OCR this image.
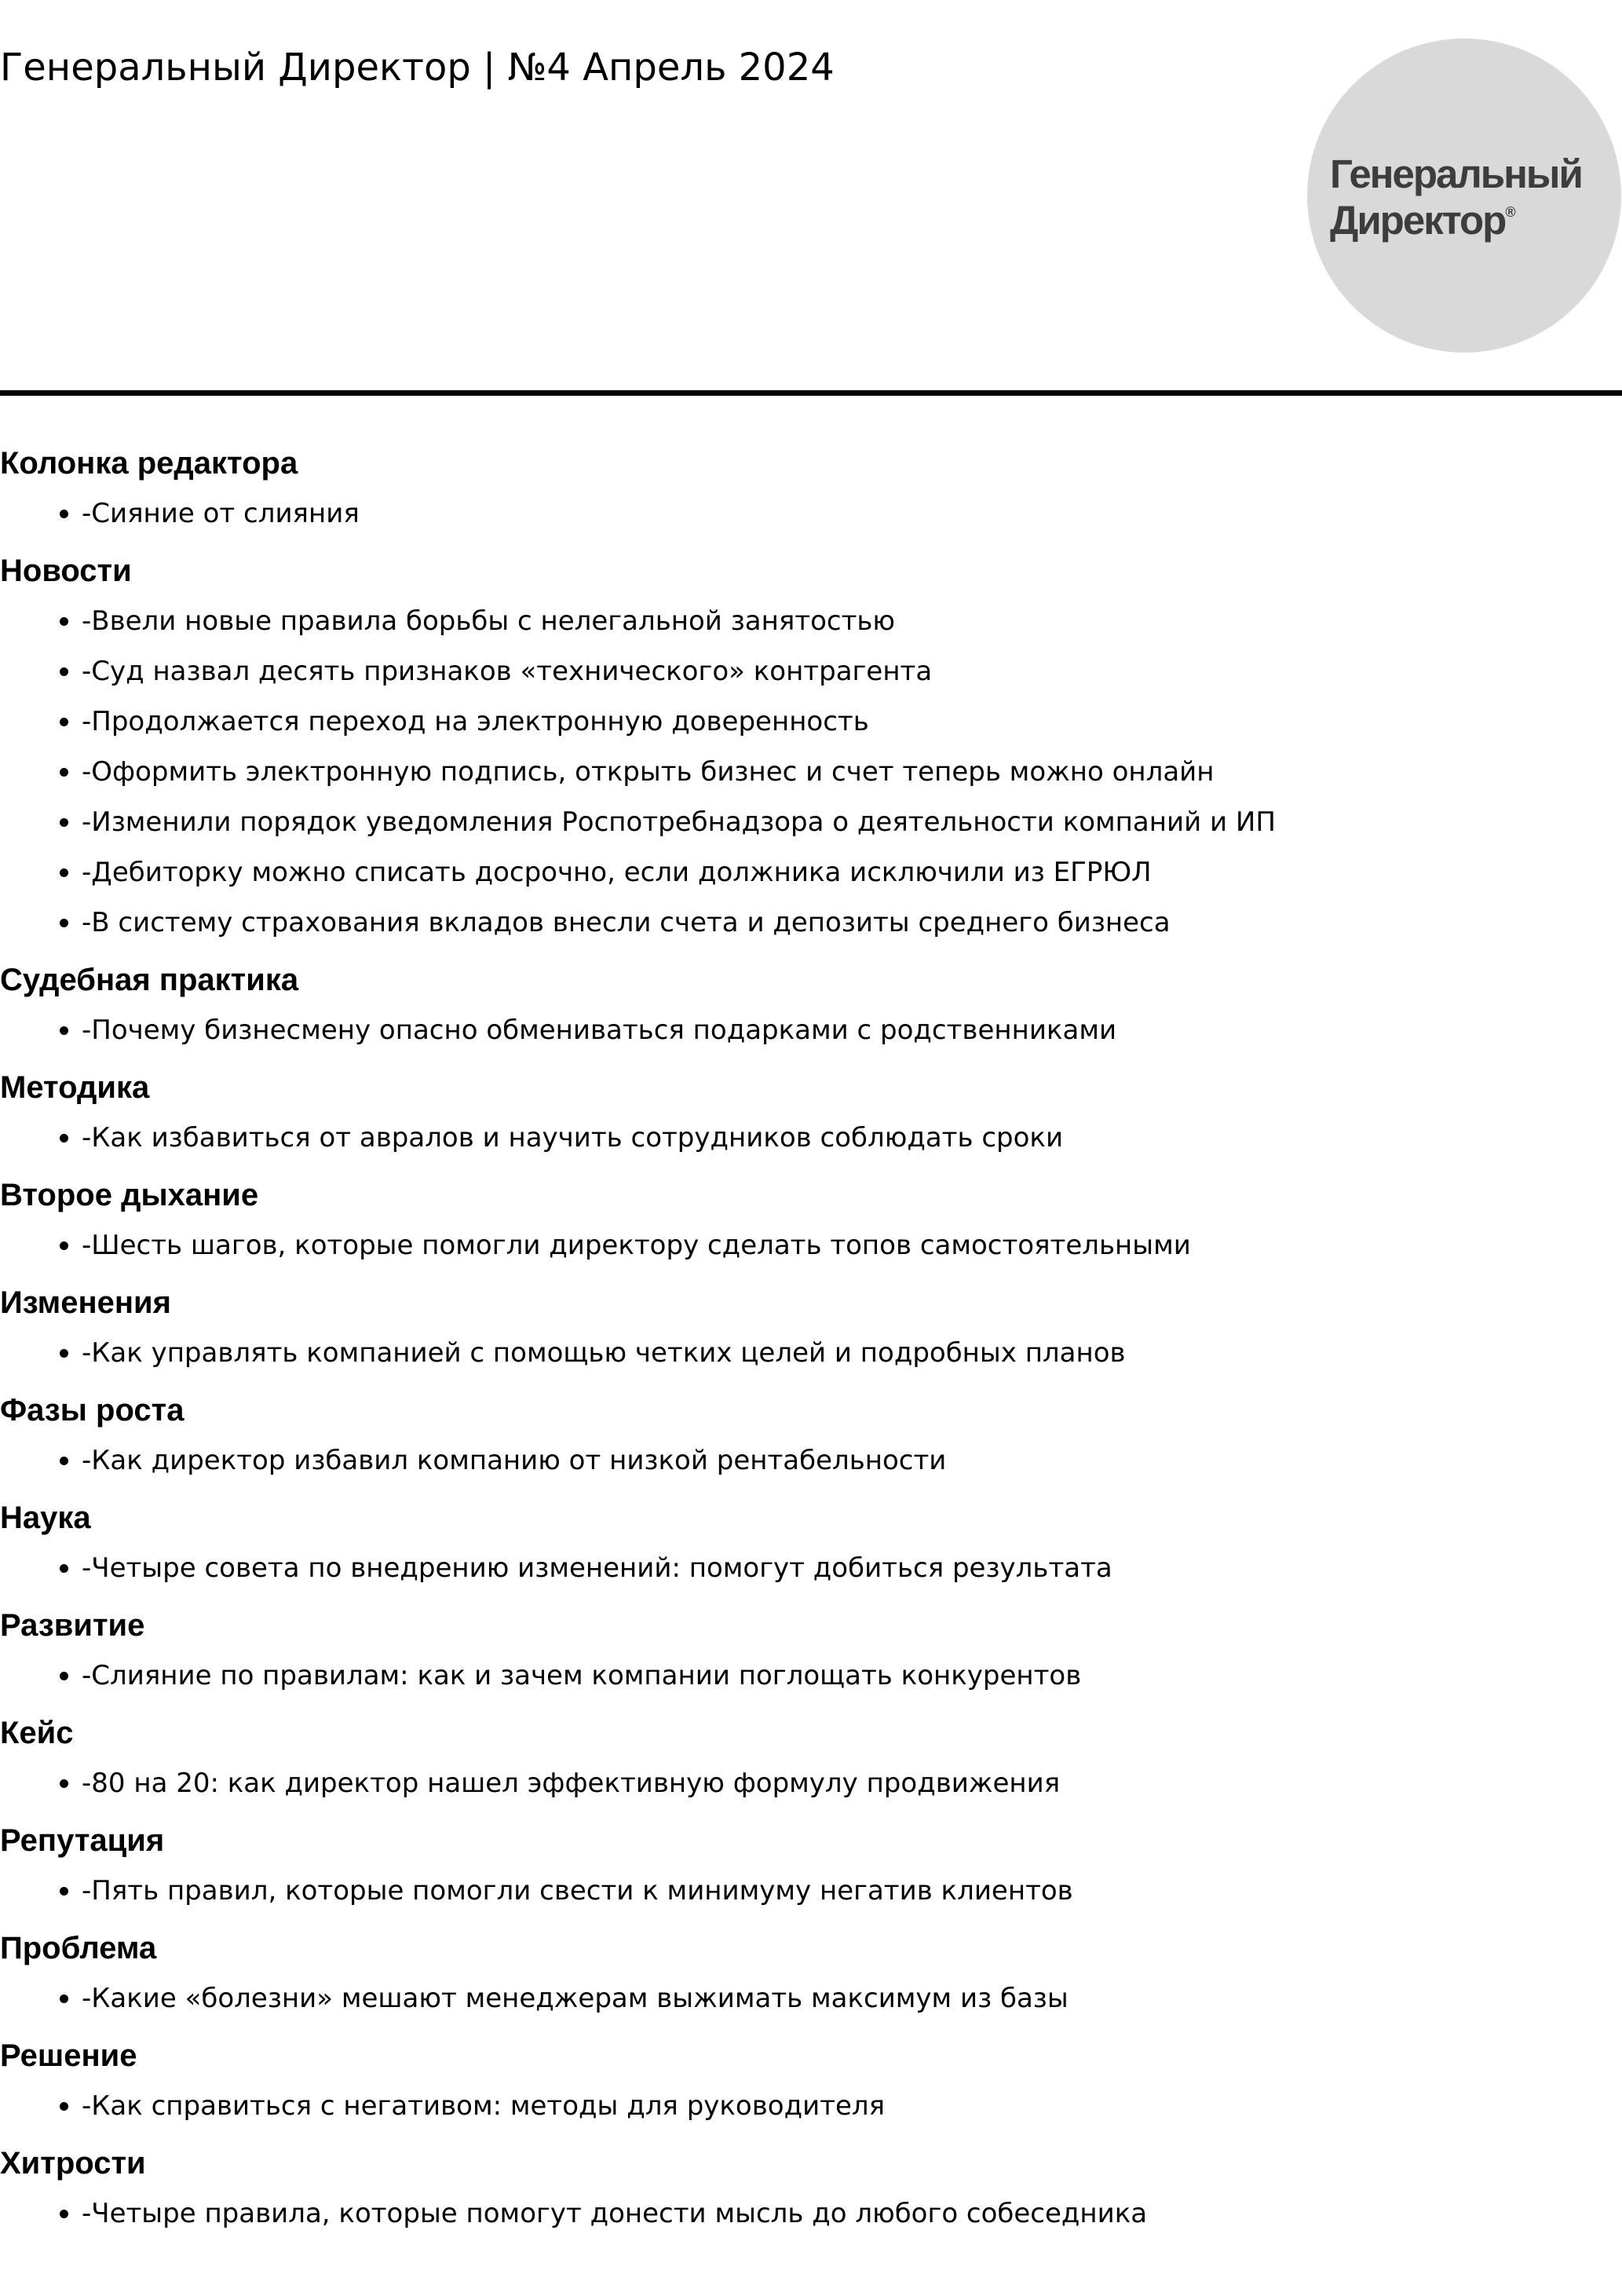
Генеральный Директор | №4 Апрель 2024
Генеральный
Директор®
Колонка редактора
• -Сияние от слияния
Новости
• -Ввели новые правила борьбы с нелегальной занятостью
• -Суд назвал десять признаков «технического» контрагента
• -Продолжается переход на электронную доверенность
• -Оформить электронную подпись, открыть бизнес и счет теперь можно онлайн
• -Изменили порядок уведомления Роспотребнадзора о деятельности компаний и ИП
• -Дебиторку можно списать досрочно, если должника исключили из ЕГРЮЛ
• -В систему страхования вкладов внесли счета и депозиты среднего бизнеса
Судебная практика
• -Почему бизнесмену опасно обмениваться подарками с родственниками
Методика
• -Как избавиться от авралов и научить сотрудников соблюдать сроки
Второе дыхание
• -Шесть шагов, которые помогли директору сделать топов самостоятельными
Изменения
• -Как управлять компанией с помощью четких целей и подробных планов
Фазы роста
• -Как директор избавил компанию от низкой рентабельности
Наука
• -Четыре совета по внедрению изменений: помогут добиться результата
Развитие
• -Слияние по правилам: как и зачем компании поглощать конкурентов
Кейс
• -80 на 20: как директор нашел эффективную формулу продвижения
Репутация
• -Пять правил, которые помогли свести к минимуму негатив клиентов
Проблема
• -Какие «болезни» мешают менеджерам выжимать максимум из базы
Решение
• -Как справиться с негативом: методы для руководителя
Хитрости
• -Четыре правила, которые помогут донести мысль до любого собеседника
